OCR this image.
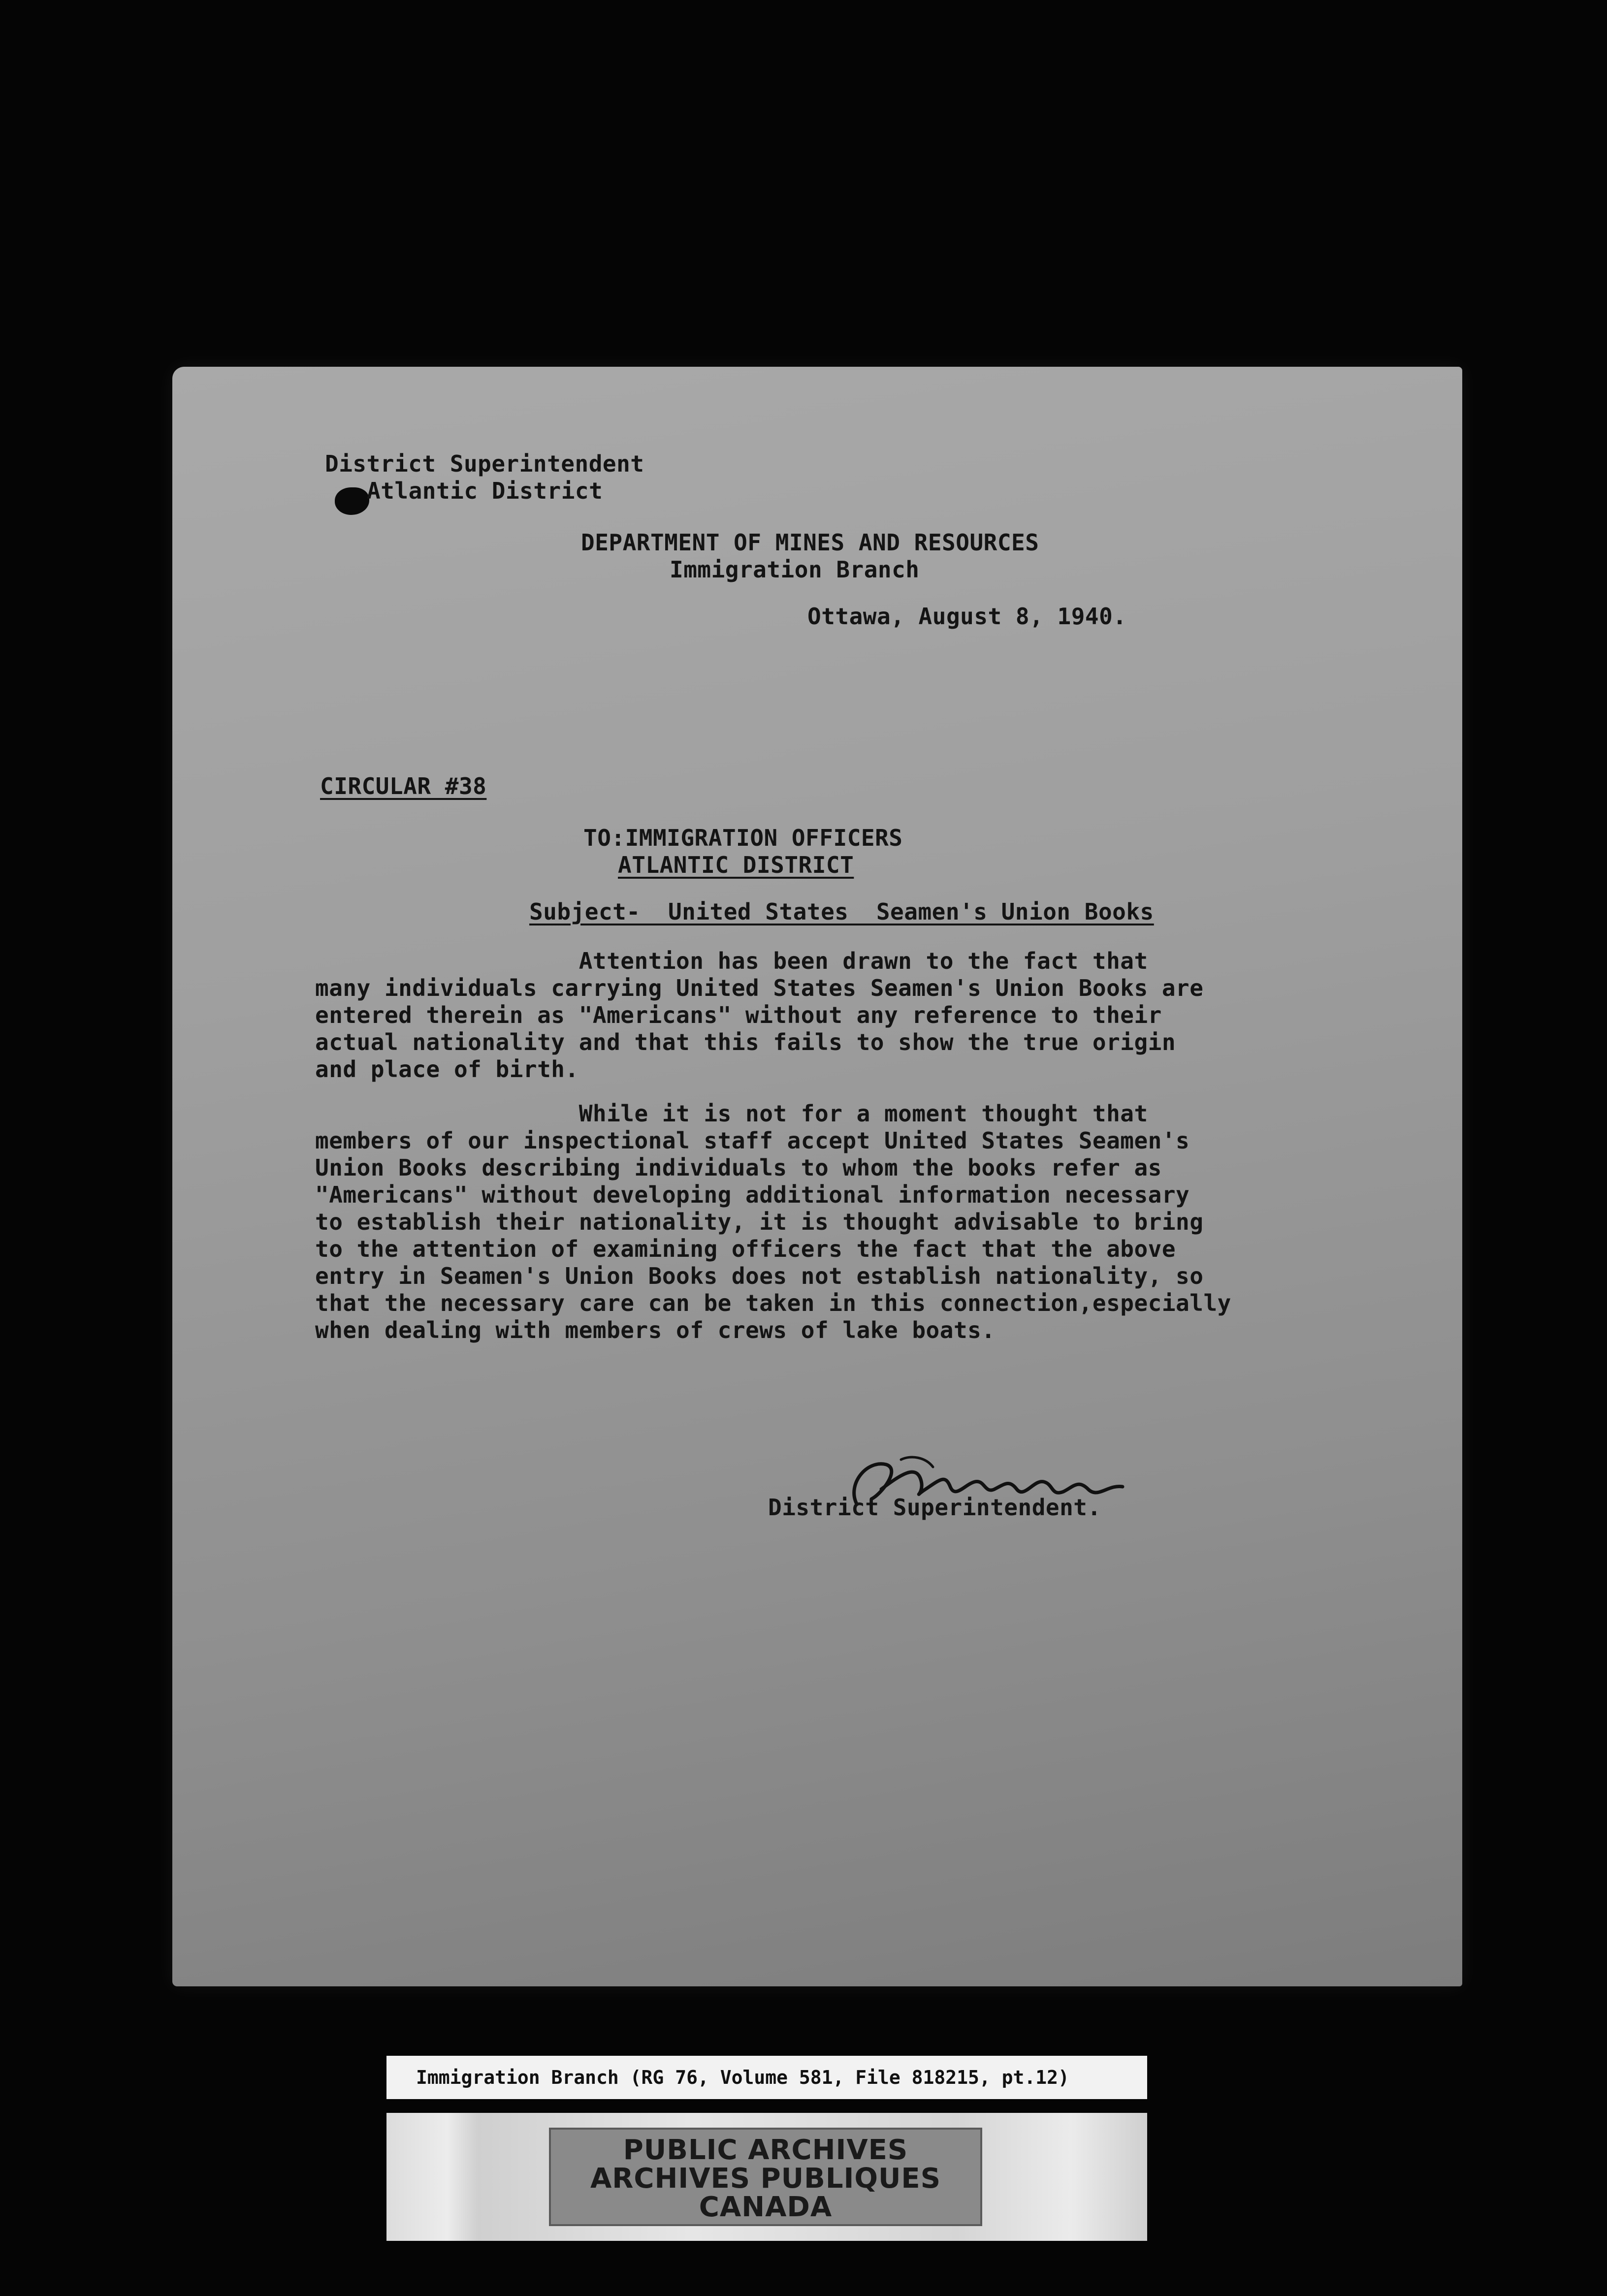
District Superintendent
Atlantic District
DEPARTMENT OF MINES AND RESOURCES
Immigration Branch
Ottawa, August 8, 1940.
CIRCULAR #38
TO:IMMIGRATION OFFICERS
ATLANTIC DISTRICT
Subject-  United States  Seamen's Union Books
Attention has been drawn to the fact that
many individuals carrying United States Seamen's Union Books are
entered therein as "Americans" without any reference to their
actual nationality and that this fails to show the true origin
and place of birth.
While it is not for a moment thought that
members of our inspectional staff accept United States Seamen's
Union Books describing individuals to whom the books refer as
"Americans" without developing additional information necessary
to establish their nationality, it is thought advisable to bring
to the attention of examining officers the fact that the above
entry in Seamen's Union Books does not establish nationality, so
that the necessary care can be taken in this connection,especially
when dealing with members of crews of lake boats.
District Superintendent.
Immigration Branch (RG 76, Volume 581, File 818215, pt.12)
PUBLIC ARCHIVES
ARCHIVES PUBLIQUES
CANADA
